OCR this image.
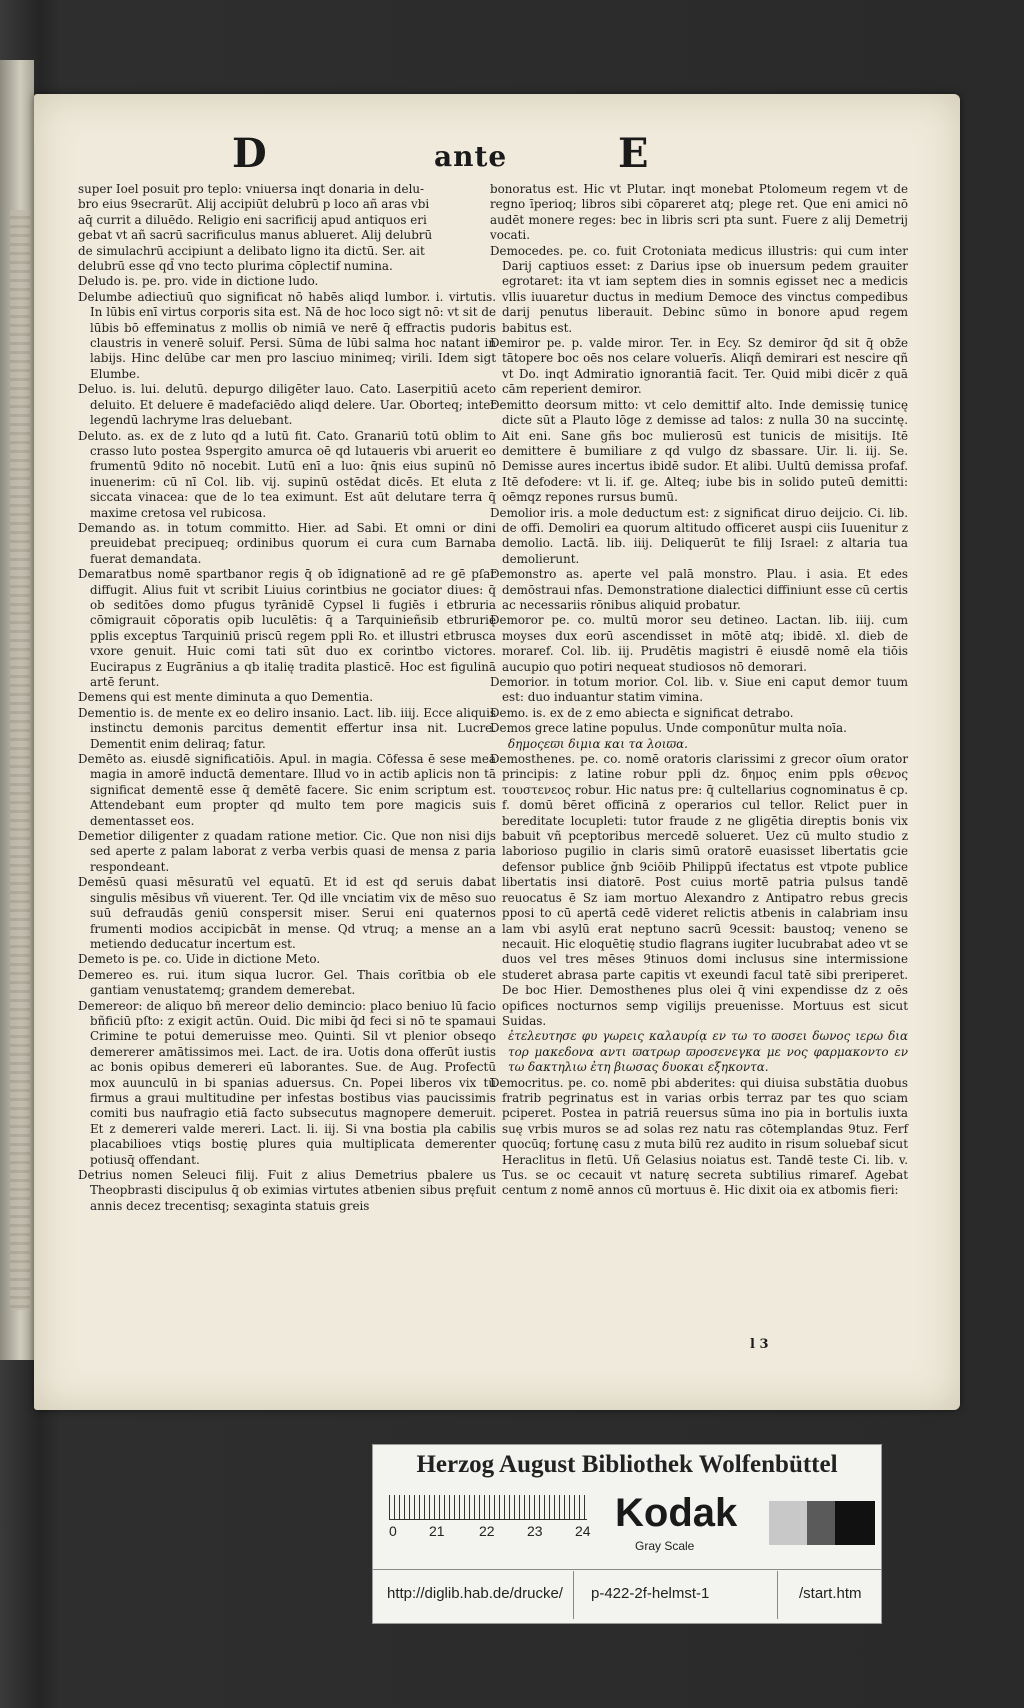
D	ante	E

super Ioel posuit pro teplo: vniuersa inqt donaria in delu-

bro eius 9secrarūt. Alij accipiūt delubrū p loco añ aras vbi

aq̄ currit a diluēdo. Religio eni sacrificij apud antiquos eri

gebat vt añ sacrū sacrificulus manus ablueret. Alij delubrū

de simulachrū accipiunt a delibato ligno ita dictū. Ser. ait

delubrū esse qd̄ vno tecto plurima cōplectif numina.

Deludo is. pe. pro. vide in dictione ludo.

Delumbe adiectiuū quo significat nō habēs aliqd lumbor. i. virtutis. In lūbis enī virtus corporis sita est. Nā de hoc loco sigt nō: vt sit de lūbis bō effeminatus z mollis ob nimiā ve nerē q̄ effractis pudoris claustris in venerē soluif. Persi. Sūma de lūbi salma hoc natant in labijs. Hinc delūbe car men pro lasciuo minimeq; virili. Idem sigt Elumbe.

Deluo. is. lui. delutū. depurgo diligēter lauo. Cato. Laserpitiū aceto deluito. Et deluere ē madefaciēdo aliqd delere. Uar. Oborteq; inter legendū lachryme lras deluebant.

Deluto. as. ex de z luto qd a lutū fit. Cato. Granariū totū oblim to crasso luto postea 9spergito amurca oē qd lutaueris vbi aruerit eo frumentū 9dito nō nocebit. Lutū enī a luo: q̄nis eius supinū nō inuenerim: cū nī Col. lib. vij. supinū ostēdat dicēs. Et eluta z siccata vinacea: que de lo tea eximunt. Est aūt delutare terra q̄ maxime cretosa vel rubicosa.

Demando as. in totum committo. Hier. ad Sabi. Et omni or dini preuidebat precipueq; ordinibus quorum ei cura cum Barnaba fuerat demandata.

Demaratbus nomē spartbanor regis q̄ ob īdignationē ad re gē pſar diffugit. Alius fuit vt scribit Liuius corintbius ne gociator diues: q̄ ob seditōes domo pfugus tyrānidē Cypsel li fugiēs i etbruria cōmigrauit cōporatis opib luculētis: q̄ a Tarquinieñsib etbrurię pplis exceptus Tarquiniū priscū regem ppli Ro. et illustri etbrusca vxore genuit. Huic comi tati sūt duo ex corintbo victores. Eucirapus z Eugrānius a qb italię tradita plasticē. Hoc est figulinā artē ferunt.

Demens qui est mente diminuta a quo Dementia.

Dementio is. de mente ex eo deliro insanio. Lact. lib. iiij. Ecce aliquis instinctu demonis parcitus dementit effertur insa nit. Lucre. Dementit enim deliraq; fatur.

Demēto as. eiusdē significatiōis. Apul. in magia. Cōfessa ē sese mea magia in amorē inductā dementare. Illud vo in actib aplicis non tā significat dementē esse q̄ demētē facere. Sic enim scriptum est. Attendebant eum propter qd multo tem pore magicis suis dementasset eos.

Demetior diligenter z quadam ratione metior. Cic. Que non nisi dijs sed aperte z palam laborat z verba verbis quasi de mensa z paria respondeant.

Demēsū quasi mēsuratū vel equatū. Et id est qd seruis dabat singulis mēsibus vñ viuerent. Ter. Qd ille vnciatim vix de mēso suo suū defraudās geniū conspersit miser. Serui eni quaternos frumenti modios accipicbāt in mense. Qd vtruq; a mense an a metiendo deducatur incertum est.

Demeto is pe. co. Uide in dictione Meto.

Demereo es. rui. itum siqua lucror. Gel. Thais corītbia ob ele gantiam venustatemq; grandem demerebat.

Demereor: de aliquo bñ mereor delio demincio: placo beniuo lū facio bñficiū pſto: z exigit actūn. Ouid. Dic mibi q̄d feci si nō te spamaui Crimine te potui demeruisse meo. Quinti. Sil vt plenior obseqo demererer amātissimos mei. Lact. de ira. Uotis dona offerūt iustis ac bonis opibus demereri eū laborantes. Sue. de Aug. Profectū mox auunculū in bi spanias aduersus. Cn. Popei liberos vix tū firmus a graui multitudine per infestas bostibus vias paucissimis comiti bus naufragio etiā facto subsecutus magnopere demeruit. Et z demereri valde mereri. Lact. li. iij. Si vna bostia pla cabilis placabilioes vtiqs bostię plures quia multiplicata demerenter potiusq̄ offendant.

Detrius nomen Seleuci filij. Fuit z alius Demetrius pbalere us Theopbrasti discipulus q̄ ob eximias virtutes atbenien sibus pręfuit annis decez trecentisq; sexaginta statuis greis

bonoratus est. Hic vt Plutar. inqt monebat Ptolomeum regem vt de regno īperioq; libros sibi cōpareret atq; plege ret. Que eni amici nō audēt monere reges: bec in libris scri pta sunt. Fuere z alij Demetrij vocati.

Democedes. pe. co. fuit Crotoniata medicus illustris: qui cum inter Darij captiuos esset: z Darius ipse ob inuersum pedem grauiter egrotaret: ita vt iam septem dies in somnis egisset nec a medicis vllis iuuaretur ductus in medium Democe des vinctus compedibus darij penutus liberauit. Debinc sūmo in bonore apud regem babitus est.

Demiror pe. p. valde miror. Ter. in Ecy. Sz demiror q̄d sit q̄ obz̄e tātopere boc oēs nos celare voluerīs. Aliqñ demirari est nescire qñ vt Do. inqt Admiratio ignorantiā facit. Ter. Quid mibi dicēr z quā cām reperient demiror.

Demitto deorsum mitto: vt celo demittif alto. Inde demissię tunicę dicte sūt a Plauto lōge z demisse ad talos: z nulla 30 na succintę. Ait eni. Sane gñs boc mulierosū est tunicis de misitijs. Itē demittere ē bumiliare z qd vulgo dz sbassare. Uir. li. iij. Se. Demisse aures incertus ibidē sudor. Et alibi. Uultū demissa profaf. Itē defodere: vt li. if. ge. Alteq; iube bis in solido puteū demitti: oēmqz repones rursus bumū.

Demolior iris. a mole deductum est: z significat diruo deijcio. Ci. lib. de offi. Demoliri ea quorum altitudo officeret auspi ciis Iuuenitur z demolio. Lactā. lib. iiij. Deliquerūt te filij Israel: z altaria tua demolierunt.

Demonstro as. aperte vel palā monstro. Plau. i asia. Et edes demōstraui nfas. Demonstratione dialectici diffiniunt esse cū certis ac necessariis rōnibus aliquid probatur.

Demoror pe. co. multū moror seu detineo. Lactan. lib. iiij. cum moyses dux eorū ascendisset in mōtē atq; ibidē. xl. dieb de moraref. Col. lib. iij. Prudētis magistri ē eiusdē nomē ela tiōis aucupio quo potiri nequeat studiosos nō demorari.

Demorior. in totum morior. Col. lib. v. Siue eni caput demor tuum est: duo induantur statim vimina.

Demo. is. ex de z emo abiecta e significat detrabo.

Demos grece latine populus. Unde componūtur multa noīa.

δημοςεϖι διμια και τα λοιϖα.

Demosthenes. pe. co. nomē oratoris clarissimi z grecor oīum orator principis: z latine robur ppli dz. δημος enim ppls σθενος τουστενεος robur. Hic natus pre: q̄ cultellarius cognominatus ē cp. f. domū bēret officinā z operarios cul tellor. Relict puer in bereditate locupleti: tutor fraude z ne gligētia direptis bonis vix babuit vñ pceptoribus mercedē solueret. Uez cū multo studio z laborioso pugilio in claris simū oratorē euasisset libertatis gcie defensor publice ğnb 9ciōib Philippū ifectatus est vtpote publice libertatis insi diatorē. Post cuius mortē patria pulsus tandē reuocatus ē Sz iam mortuo Alexandro z Antipatro rebus grecis pposi to cū apertā cedē videret relictis atbenis in calabriam insu lam vbi asylū erat neptuno sacrū 9cessit: baustoq; veneno se necauit. Hic eloquētię studio flagrans iugiter lucubrabat adeo vt se duos vel tres mēses 9tinuos domi inclusus sine intermissione studeret abrasa parte capitis vt exeundi facul tatē sibi preriperet. De boc Hier. Demosthenes plus olei q̄ vini expendisse dz z oēs opifices nocturnos semp vigilijs preuenisse. Mortuus est sicut Suidas.

ἐτελευτησε φυ γωρεις καλαυρίᾳ εν τω το ϖοσει δωνος ιερω δια τορ μακεδονα αντι ϖατρωρ ϖροσενεγκα με νος φαρμακοντο εν τω δακτηλιω ἐτη βιωσας δυοκαι εξηκοντα.

Democritus. pe. co. nomē pbi abderites: qui diuisa substātia duobus fratrib pegrinatus est in varias orbis terraz par tes quo sciam pciperet. Postea in patriā reuersus sūma ino pia in bortulis iuxta suę vrbis muros se ad solas rez natu ras cōtemplandas 9tuz. Ferf quocūq; fortunę casu z muta bilū rez audito in risum soluebaf sicut Heraclitus in fletū. Uñ Gelasius noiatus est. Tandē teste Ci. lib. v. Tus. se oc cecauit vt naturę secreta subtilius rimaref. Agebat centum z nomē annos cū mortuus ē. Hic dixit oia ex atbomis fieri:

l 3
Herzog August Bibliothek Wolfenbüttel
0 21 22 23 24 Kodak
Gray Scale
http://diglib.hab.de/drucke/ p-422-2f-helmst-1	/start.htm
